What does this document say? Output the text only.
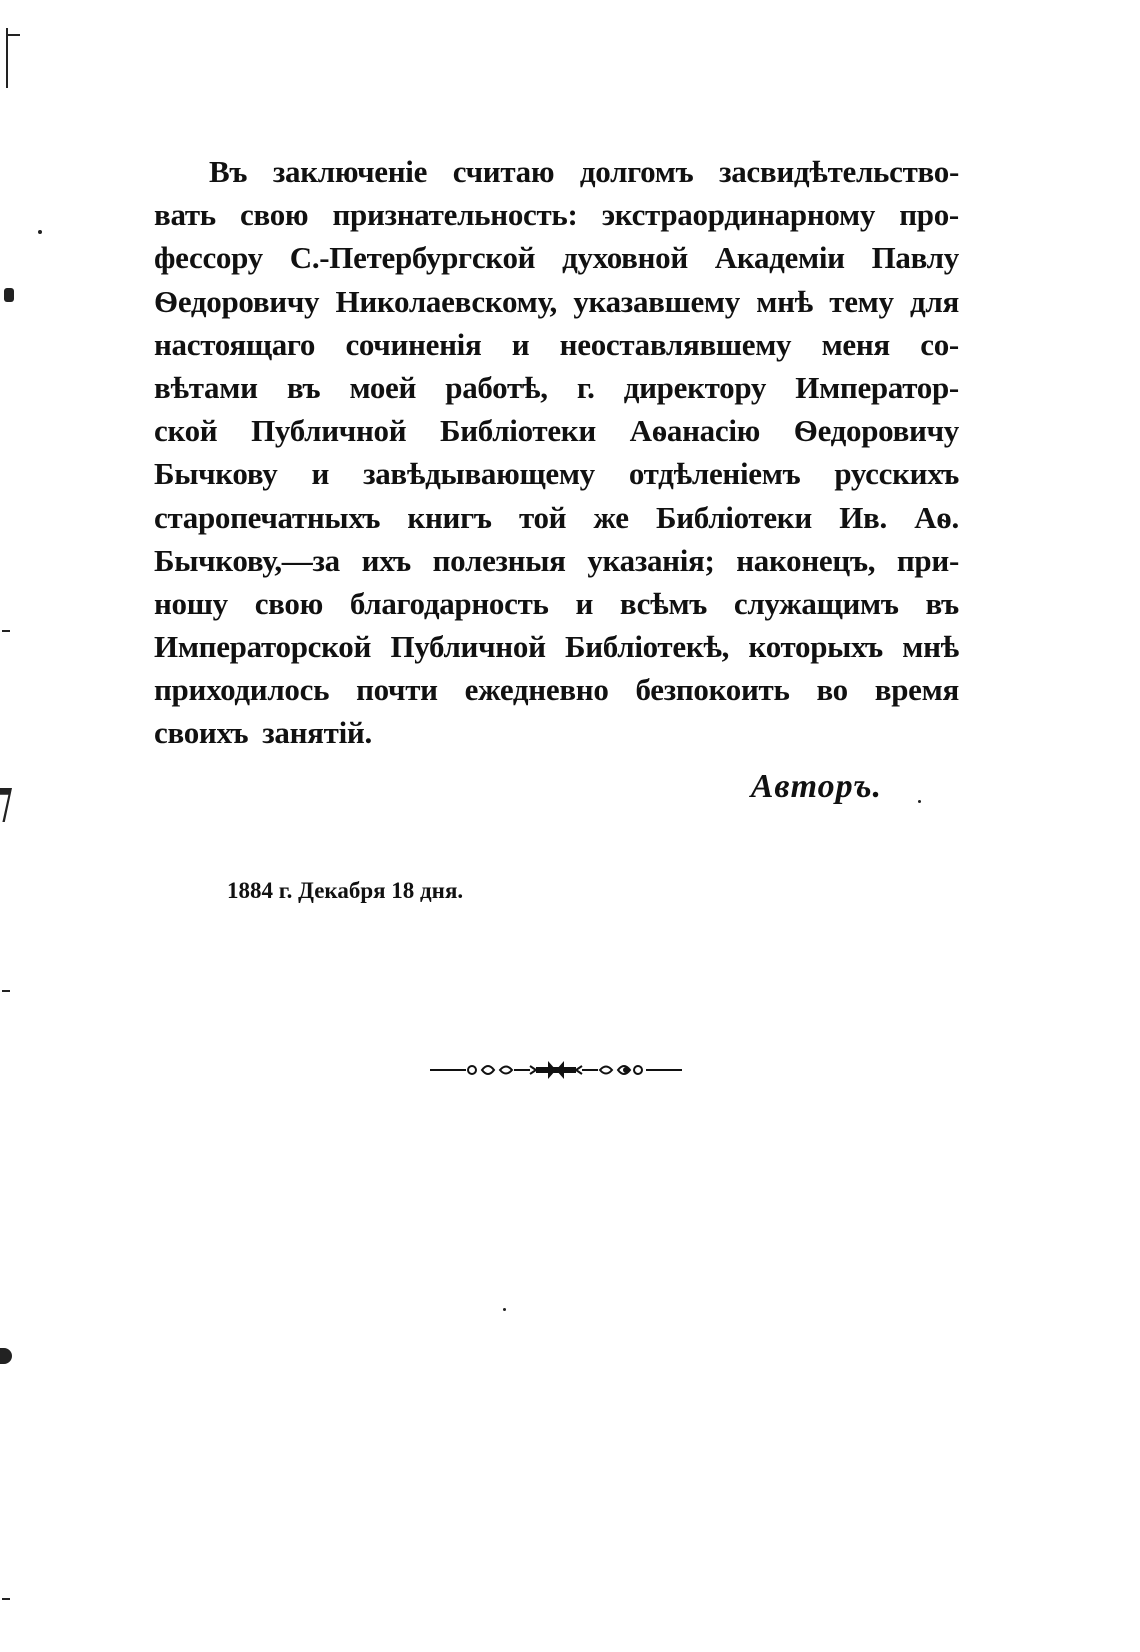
Въ заключеніе считаю долгомъ засвидѣтельство-
вать свою признательность: экстраординарному про-
фессору С.-Петербургской духовной Академіи Павлу
Ѳедоровичу Николаевскому, указавшему мнѣ тему для
настоящаго сочиненія и неоставлявшему меня со-
вѣтами въ моей работѣ, г. директору Император-
ской Публичной Библіотеки Аѳанасію Ѳедоровичу
Бычкову и завѣдывающему отдѣленіемъ русскихъ
старопечатныхъ книгъ той же Библіотеки Ив. Аѳ.
Бычкову,—за ихъ полезныя указанія; наконецъ, при-
ношу свою благодарность и всѣмъ служащимъ въ
Императорской Публичной Библіотекѣ, которыхъ мнѣ
приходилось почти ежедневно безпокоить во время
своихъ занятій.
Авторъ.
1884 г. Декабря 18 дня.
